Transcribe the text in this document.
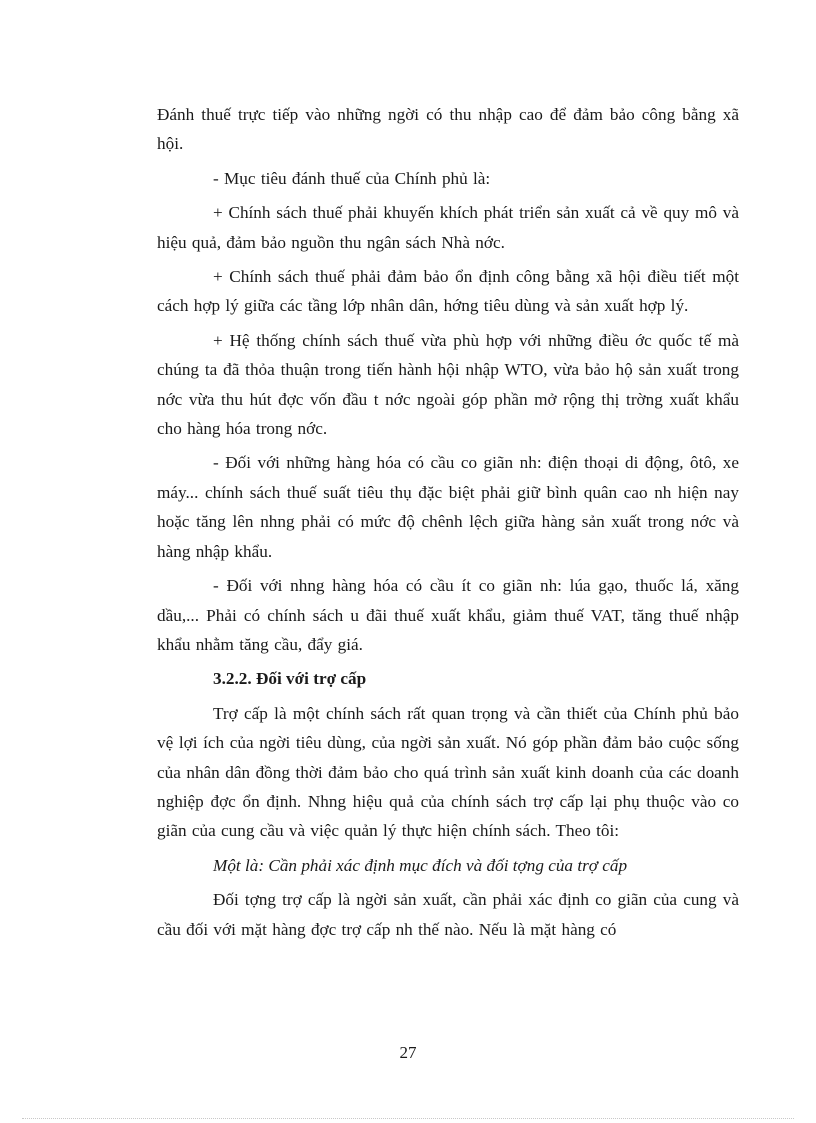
Đánh thuế trực tiếp vào những ngời có thu nhập cao để đảm bảo công bằng xã hội.

- Mục tiêu đánh thuế của Chính phủ là:

+ Chính sách thuế phải khuyến khích phát triển sản xuất cả về quy mô và hiệu quả, đảm bảo nguồn thu ngân sách Nhà nớc.

+ Chính sách thuế phải đảm bảo ổn định công bằng xã hội điều tiết một cách hợp lý giữa các tầng lớp nhân dân, hớng tiêu dùng và sản xuất hợp lý.

+ Hệ thống chính sách thuế vừa phù hợp với những điều ớc quốc tế mà chúng ta đã thỏa thuận trong tiến hành hội nhập WTO, vừa bảo hộ sản xuất trong nớc vừa thu hút đợc vốn đầu t nớc ngoài góp phần mở rộng thị trờng xuất khẩu cho hàng hóa trong nớc.

- Đối với những hàng hóa có cầu co giãn nh: điện thoại di động, ôtô, xe máy... chính sách thuế suất tiêu thụ đặc biệt phải giữ bình quân cao nh hiện nay hoặc tăng lên nhng phải có mức độ chênh lệch giữa hàng sản xuất trong nớc và hàng nhập khẩu.

- Đối với nhng hàng hóa có cầu ít co giãn nh: lúa gạo, thuốc lá, xăng dầu,... Phải có chính sách u đãi thuế xuất khẩu, giảm thuế VAT, tăng thuế nhập khẩu nhằm tăng cầu, đẩy giá.

3.2.2. Đối với trợ cấp

Trợ cấp là một chính sách rất quan trọng và cần thiết của Chính phủ bảo vệ lợi ích của ngời tiêu dùng, của ngời sản xuất. Nó góp phần đảm bảo cuộc sống của nhân dân đồng thời đảm bảo cho quá trình sản xuất kinh doanh của các doanh nghiệp đợc ổn định. Nhng hiệu quả của chính sách trợ cấp lại phụ thuộc vào co giãn của cung cầu và việc quản lý thực hiện chính sách. Theo tôi:

Một là: Cần phải xác định mục đích và đối tợng của trợ cấp

Đối tợng trợ cấp là ngời sản xuất, cần phải xác định co giãn của cung và cầu đối với mặt hàng đợc trợ cấp nh thế nào. Nếu là mặt hàng có

27
